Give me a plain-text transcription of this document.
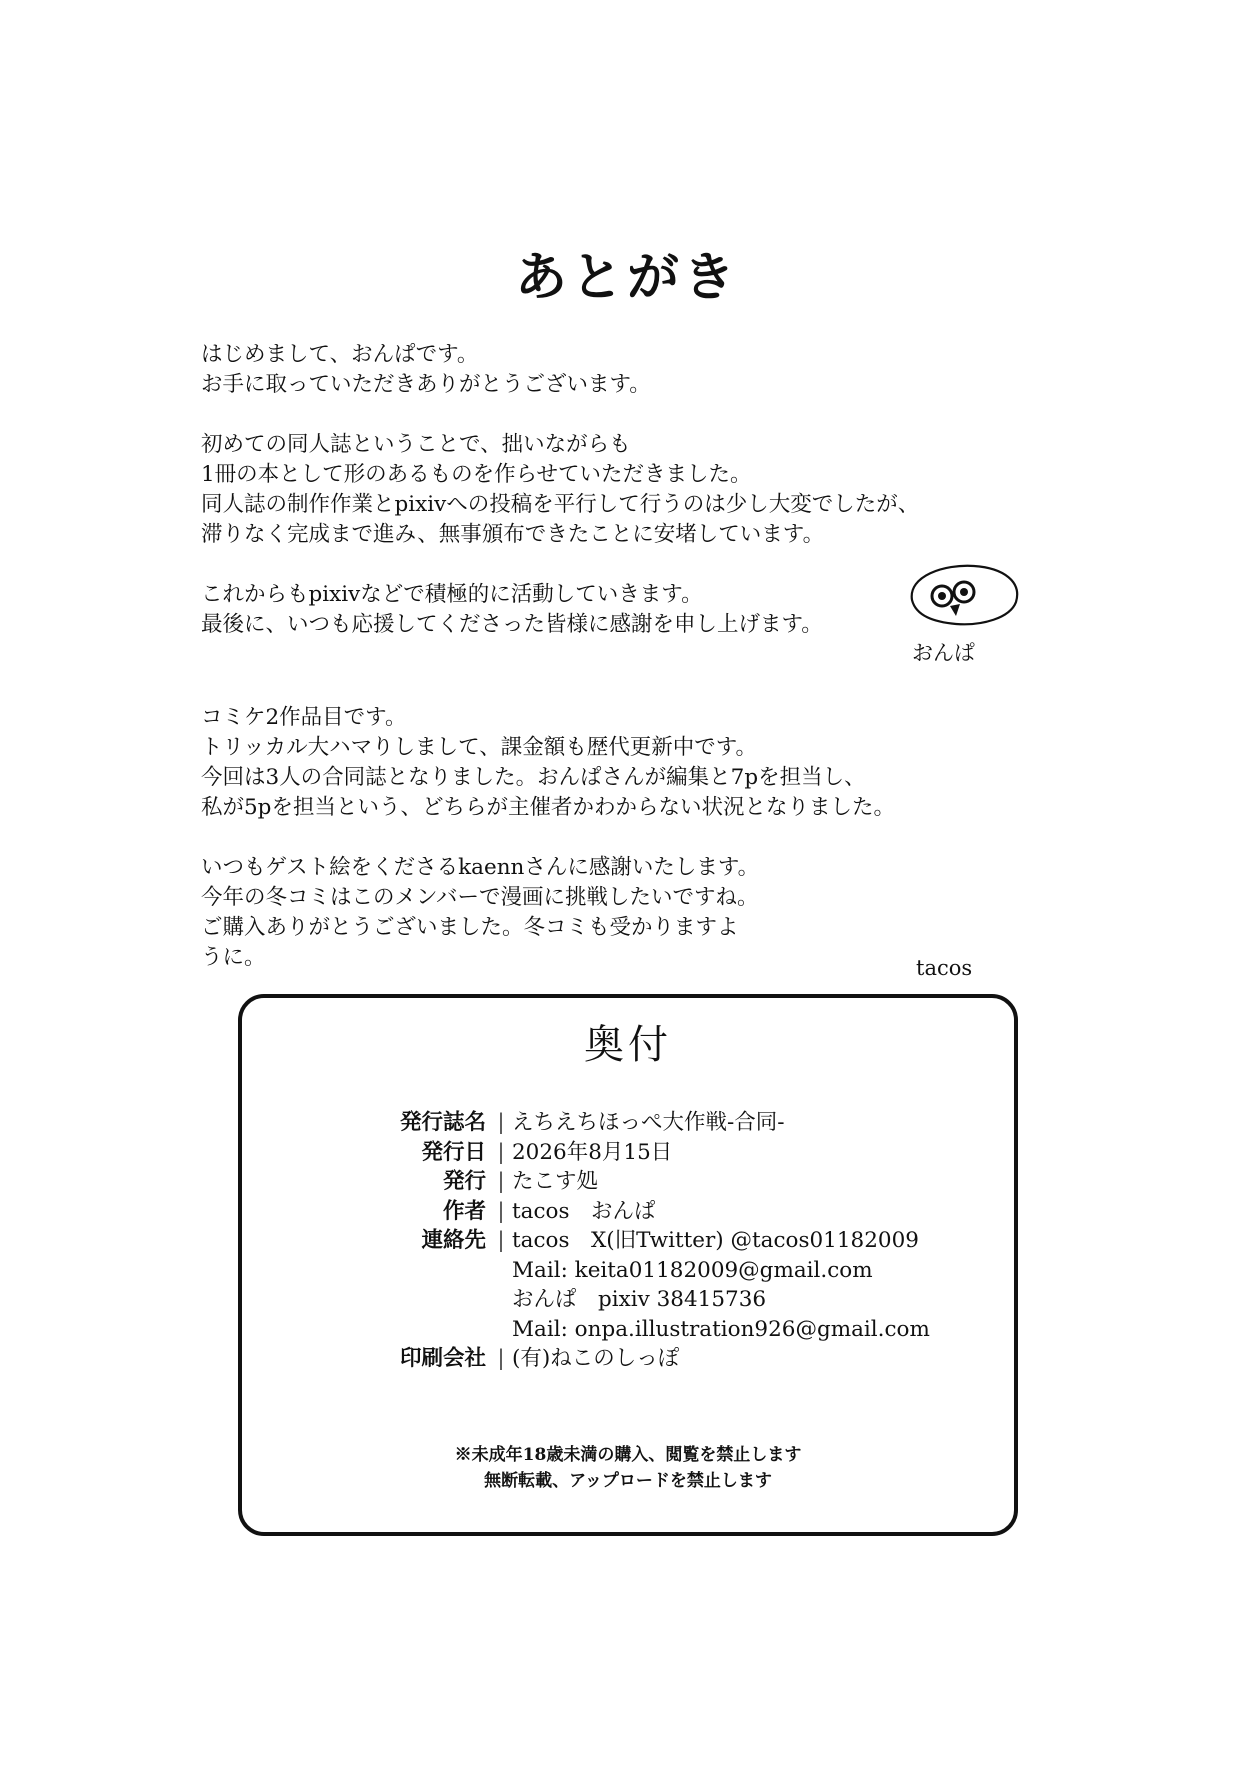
あとがき
はじめまして、おんぱです。
お手に取っていただきありがとうございます。
初めての同人誌ということで、拙いながらも
1冊の本として形のあるものを作らせていただきました。
同人誌の制作作業とpixivへの投稿を平行して行うのは少し大変でしたが、
滞りなく完成まで進み、無事頒布できたことに安堵しています。
これからもpixivなどで積極的に活動していきます。
最後に、いつも応援してくださった皆様に感謝を申し上げます。
コミケ2作品目です。
トリッカル大ハマりしまして、課金額も歴代更新中です。
今回は3人の合同誌となりました。おんぱさんが編集と7pを担当し、
私が5pを担当という、どちらが主催者かわからない状況となりました。
いつもゲスト絵をくださるkaennさんに感謝いたします。
今年の冬コミはこのメンバーで漫画に挑戦したいですね。
ご購入ありがとうございました。冬コミも受かりますよ
うに。
おんぱ
tacos
奥付
発行誌名 | えちえちほっぺ大作戦-合同-
発行日 | 2026年8月15日
発行 | たこす処
作者 | tacos　おんぱ
連絡先 | tacos　X(旧Twitter) @tacos01182009
Mail: keita01182009@gmail.com
おんぱ　pixiv 38415736
Mail: onpa.illustration926@gmail.com
印刷会社 | (有)ねこのしっぽ
※未成年18歳未満の購入、閲覧を禁止します
無断転載、アップロードを禁止します
